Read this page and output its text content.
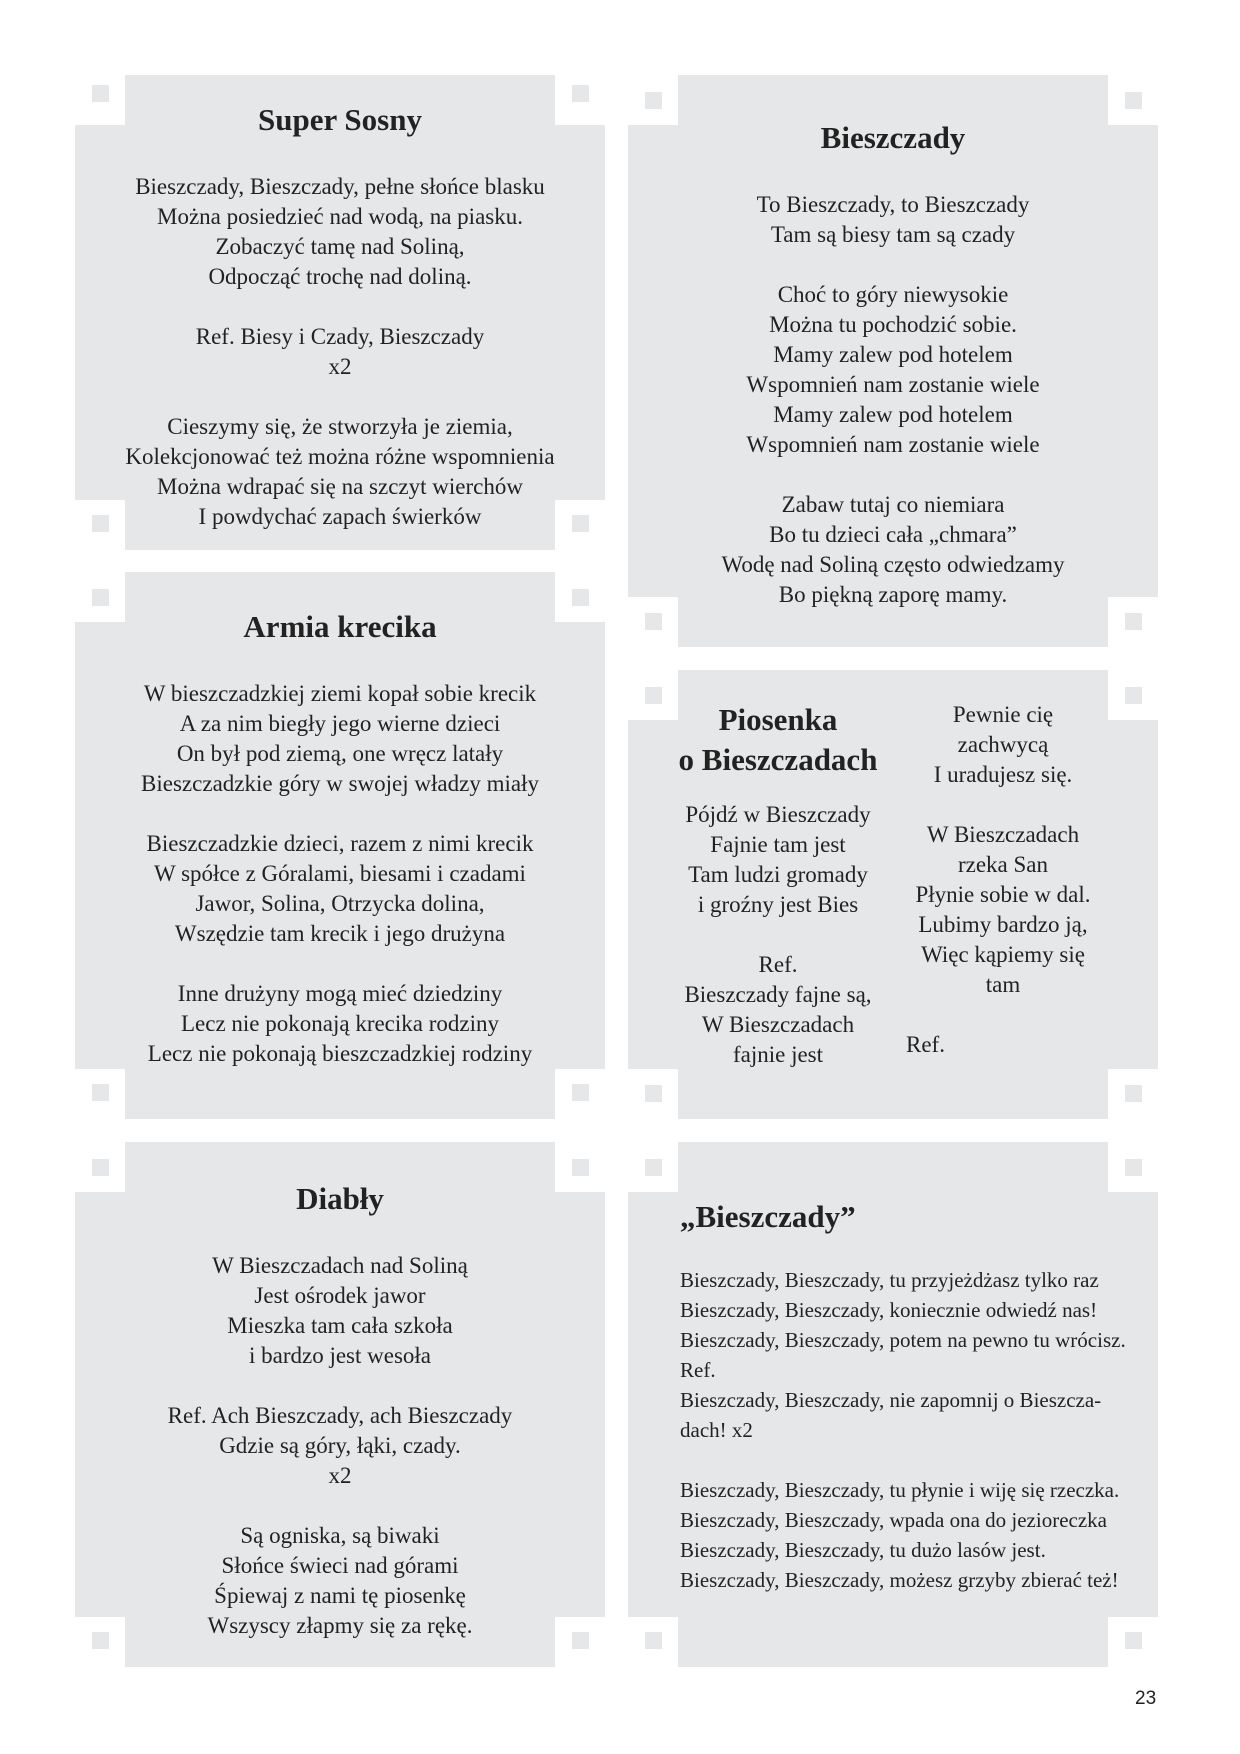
Super Sosny

Bieszczady, Bieszczady, pełne słońce blasku
Można posiedzieć nad wodą, na piasku.
Zobaczyć tamę nad Soliną,
Odpocząć trochę nad doliną.

Ref. Biesy i Czady, Bieszczady
x2

Cieszymy się, że stworzyła je ziemia,
Kolekcjonować też można różne wspomnienia
Można wdrapać się na szczyt wierchów
I powdychać zapach świerków

Bieszczady

To Bieszczady, to Bieszczady
Tam są biesy tam są czady

Choć to góry niewysokie
Można tu pochodzić sobie.
Mamy zalew pod hotelem
Wspomnień nam zostanie wiele
Mamy zalew pod hotelem
Wspomnień nam zostanie wiele

Zabaw tutaj co niemiara
Bo tu dzieci cała „chmara”
Wodę nad Soliną często odwiedzamy
Bo piękną zaporę mamy.

Armia krecika

W bieszczadzkiej ziemi kopał sobie krecik
A za nim biegły jego wierne dzieci
On był pod ziemą, one wręcz latały
Bieszczadzkie góry w swojej władzy miały

Bieszczadzkie dzieci, razem z nimi krecik
W spółce z Góralami, biesami i czadami
Jawor, Solina, Otrzycka dolina,
Wszędzie tam krecik i jego drużyna

Inne drużyny mogą mieć dziedziny
Lecz nie pokonają krecika rodziny
Lecz nie pokonają bieszczadzkiej rodziny

Piosenka
o Bieszczadach

Pójdź w Bieszczady
Fajnie tam jest
Tam ludzi gromady
i groźny jest Bies

Ref.
Bieszczady fajne są,
W Bieszczadach
fajnie jest

Pewnie cię
zachwycą
I uradujesz się.

W Bieszczadach
rzeka San
Płynie sobie w dal.
Lubimy bardzo ją,
Więc kąpiemy się
tam

Ref.

Diabły

W Bieszczadach nad Soliną
Jest ośrodek jawor
Mieszka tam cała szkoła
i bardzo jest wesoła

Ref. Ach Bieszczady, ach Bieszczady
Gdzie są góry, łąki, czady.
x2

Są ogniska, są biwaki
Słońce świeci nad górami
Śpiewaj z nami tę piosenkę
Wszyscy złapmy się za rękę.

„Bieszczady”

Bieszczady, Bieszczady, tu przyjeżdżasz tylko raz
Bieszczady, Bieszczady, koniecznie odwiedź nas!
Bieszczady, Bieszczady, potem na pewno tu wrócisz.
Ref.
Bieszczady, Bieszczady, nie zapomnij o Bieszcza-
dach! x2

Bieszczady, Bieszczady, tu płynie i wiję się rzeczka.
Bieszczady, Bieszczady, wpada ona do jezioreczka
Bieszczady, Bieszczady, tu dużo lasów jest.
Bieszczady, Bieszczady, możesz grzyby zbierać też!

23
